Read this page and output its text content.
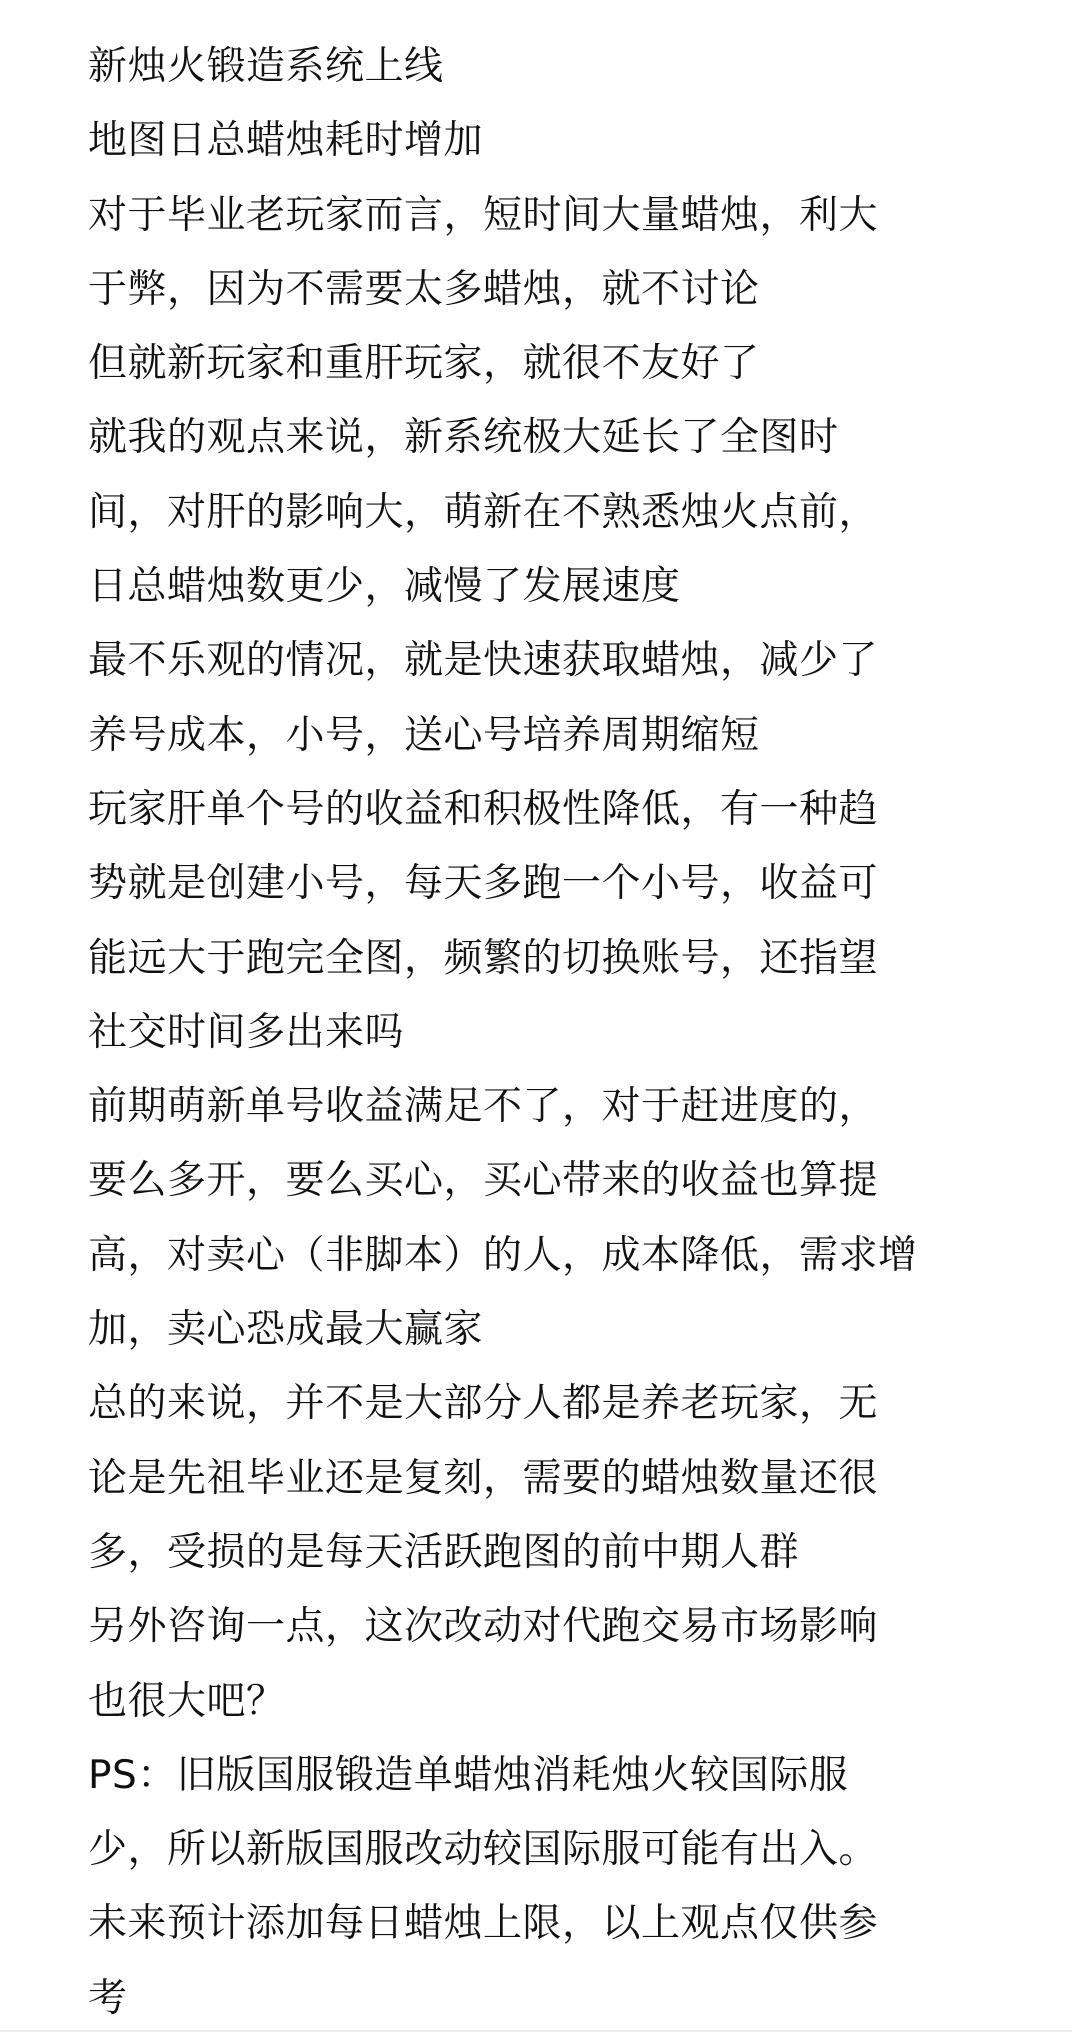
新烛火锻造系统上线
地图日总蜡烛耗时增加
对于毕业老玩家而言，短时间大量蜡烛，利大
于弊，因为不需要太多蜡烛，就不讨论
但就新玩家和重肝玩家，就很不友好了
就我的观点来说，新系统极大延长了全图时
间，对肝的影响大，萌新在不熟悉烛火点前，
日总蜡烛数更少，减慢了发展速度
最不乐观的情况，就是快速获取蜡烛，减少了
养号成本，小号，送心号培养周期缩短
玩家肝单个号的收益和积极性降低，有一种趋
势就是创建小号，每天多跑一个小号，收益可
能远大于跑完全图，频繁的切换账号，还指望
社交时间多出来吗
前期萌新单号收益满足不了，对于赶进度的，
要么多开，要么买心，买心带来的收益也算提
高，对卖心（非脚本）的人，成本降低，需求增
加，卖心恐成最大赢家
总的来说，并不是大部分人都是养老玩家，无
论是先祖毕业还是复刻，需要的蜡烛数量还很
多，受损的是每天活跃跑图的前中期人群
另外咨询一点，这次改动对代跑交易市场影响
也很大吧？
PS：旧版国服锻造单蜡烛消耗烛火较国际服
少，所以新版国服改动较国际服可能有出入。
未来预计添加每日蜡烛上限，以上观点仅供参
考
